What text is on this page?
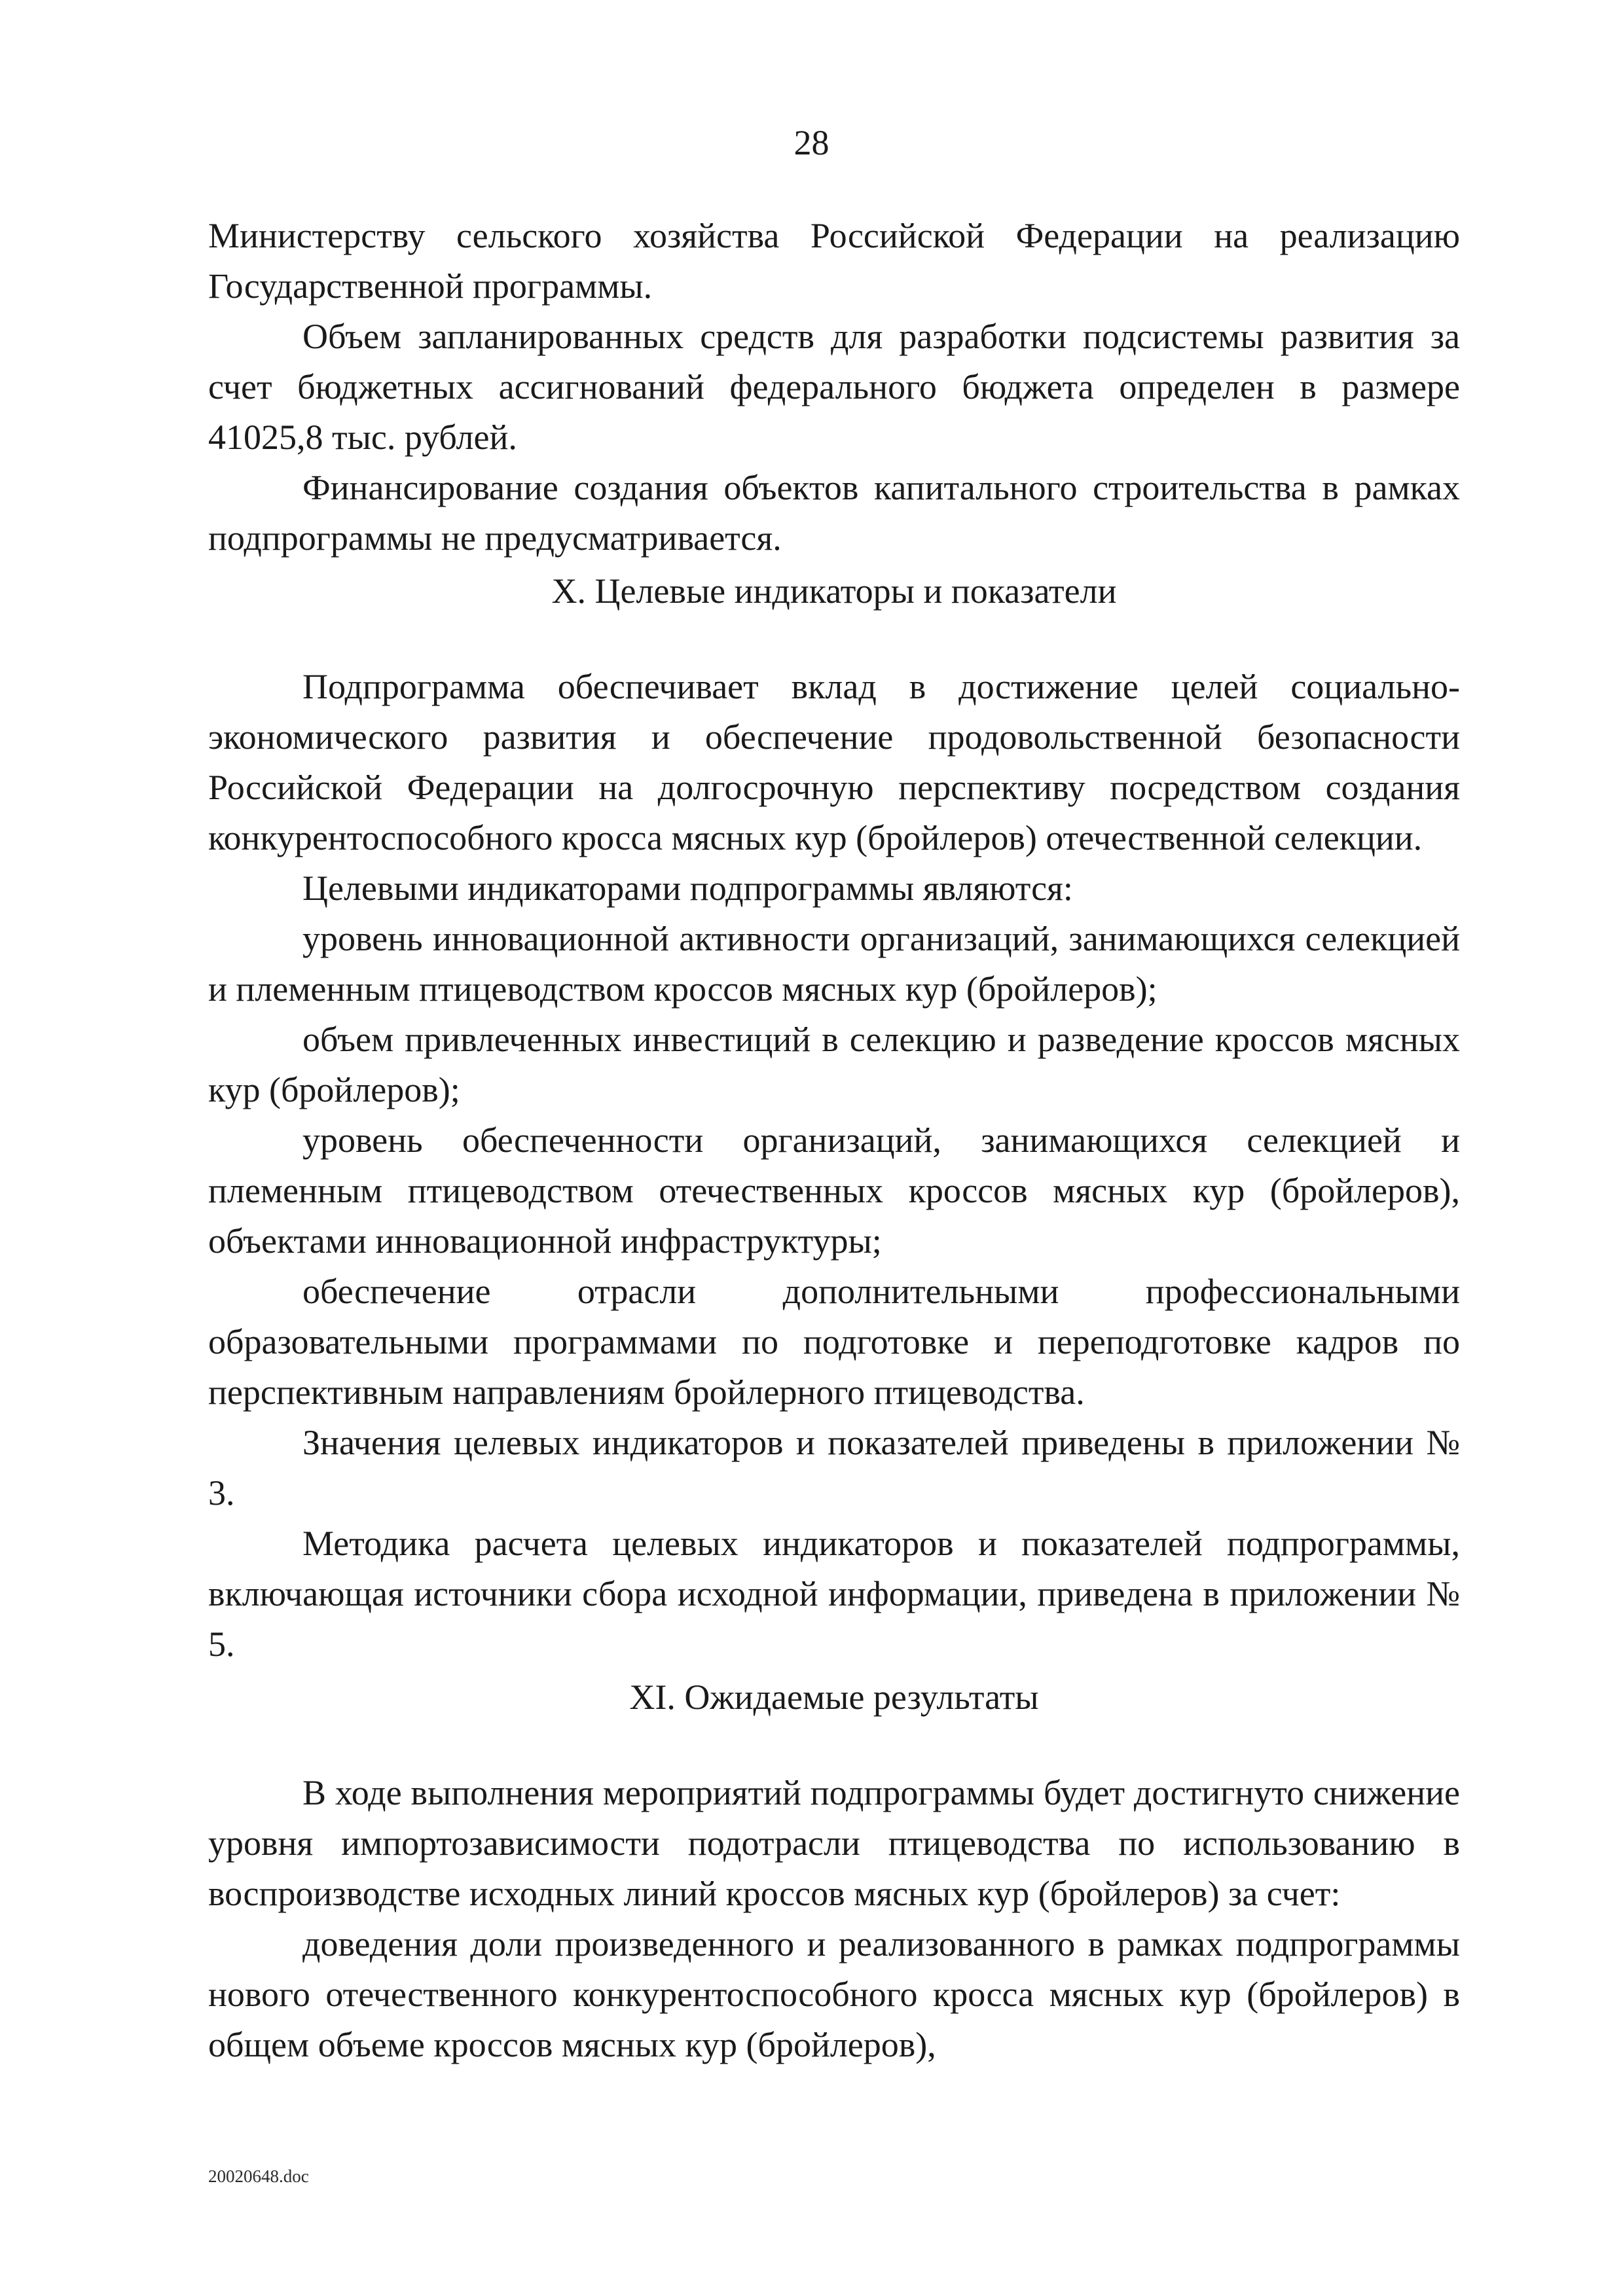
28

Министерству сельского хозяйства Российской Федерации на реализацию Государственной программы.

Объем запланированных средств для разработки подсистемы развития за счет бюджетных ассигнований федерального бюджета определен в размере 41025,8 тыс. рублей.

Финансирование создания объектов капитального строительства в рамках подпрограммы не предусматривается.

X. Целевые индикаторы и показатели

Подпрограмма обеспечивает вклад в достижение целей социально-экономического развития и обеспечение продовольственной безопасности Российской Федерации на долгосрочную перспективу посредством создания конкурентоспособного кросса мясных кур (бройлеров) отечественной селекции.

Целевыми индикаторами подпрограммы являются:

уровень инновационной активности организаций, занимающихся селекцией и племенным птицеводством кроссов мясных кур (бройлеров);

объем привлеченных инвестиций в селекцию и разведение кроссов мясных кур (бройлеров);

уровень обеспеченности организаций, занимающихся селекцией и племенным птицеводством отечественных кроссов мясных кур (бройлеров), объектами инновационной инфраструктуры;

обеспечение отрасли дополнительными профессиональными образовательными программами по подготовке и переподготовке кадров по перспективным направлениям бройлерного птицеводства.

Значения целевых индикаторов и показателей приведены в приложении № 3.

Методика расчета целевых индикаторов и показателей подпрограммы, включающая источники сбора исходной информации, приведена в приложении № 5.

XI. Ожидаемые результаты

В ходе выполнения мероприятий подпрограммы будет достигнуто снижение уровня импортозависимости подотрасли птицеводства по использованию в воспроизводстве исходных линий кроссов мясных кур (бройлеров) за счет:

доведения доли произведенного и реализованного в рамках подпрограммы нового отечественного конкурентоспособного кросса мясных кур (бройлеров) в общем объеме кроссов мясных кур (бройлеров),

20020648.doc
